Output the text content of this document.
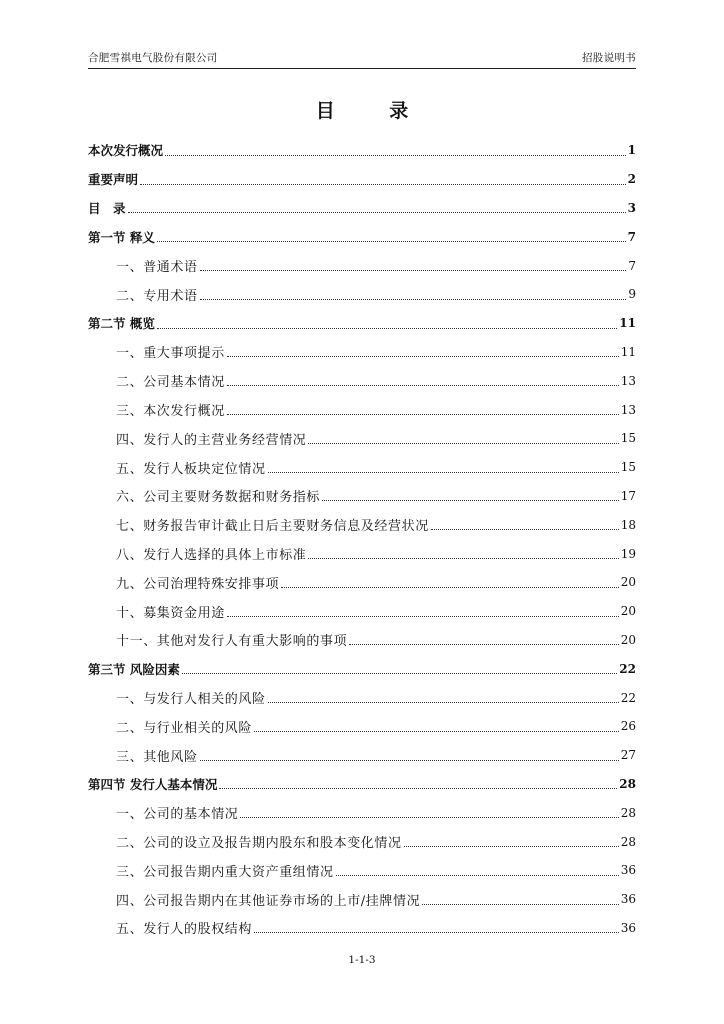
合肥雪祺电气股份有限公司	招股说明书
目 录
本次发行概况	1
重要声明	2
目　录	3
第一节 释义	7
一、普通术语	7
二、专用术语	9
第二节 概览	11
一、重大事项提示	11
二、公司基本情况	13
三、本次发行概况	13
四、发行人的主营业务经营情况	15
五、发行人板块定位情况	15
六、公司主要财务数据和财务指标	17
七、财务报告审计截止日后主要财务信息及经营状况	18
八、发行人选择的具体上市标准	19
九、公司治理特殊安排事项	20
十、募集资金用途	20
十一、其他对发行人有重大影响的事项	20
第三节 风险因素	22
一、与发行人相关的风险	22
二、与行业相关的风险	26
三、其他风险	27
第四节 发行人基本情况	28
一、公司的基本情况	28
二、公司的设立及报告期内股东和股本变化情况	28
三、公司报告期内重大资产重组情况	36
四、公司报告期内在其他证券市场的上市/挂牌情况	36
五、发行人的股权结构	36
1-1-3
